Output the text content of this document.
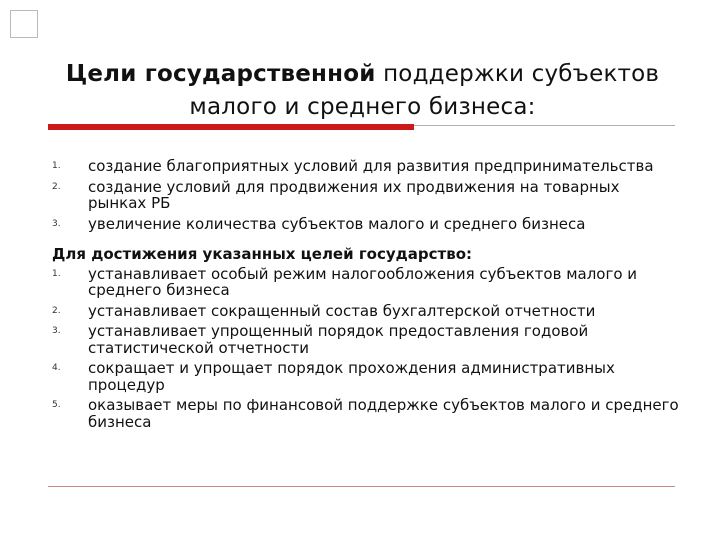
Цели государственной поддержки субъектов малого и среднего бизнеса:
1. создание благоприятных условий для развития предпринимательства
2. создание условий для продвижения их продвижения на товарных рынках РБ
3. увеличение количества субъектов малого и среднего бизнеса
Для достижения указанных целей государство:
1. устанавливает особый режим налогообложения субъектов малого и среднего бизнеса
2. устанавливает сокращенный состав бухгалтерской отчетности
3. устанавливает упрощенный порядок предоставления годовой статистической отчетности
4. сокращает и упрощает порядок прохождения административных процедур
5. оказывает меры по финансовой поддержке субъектов малого и среднего бизнеса
